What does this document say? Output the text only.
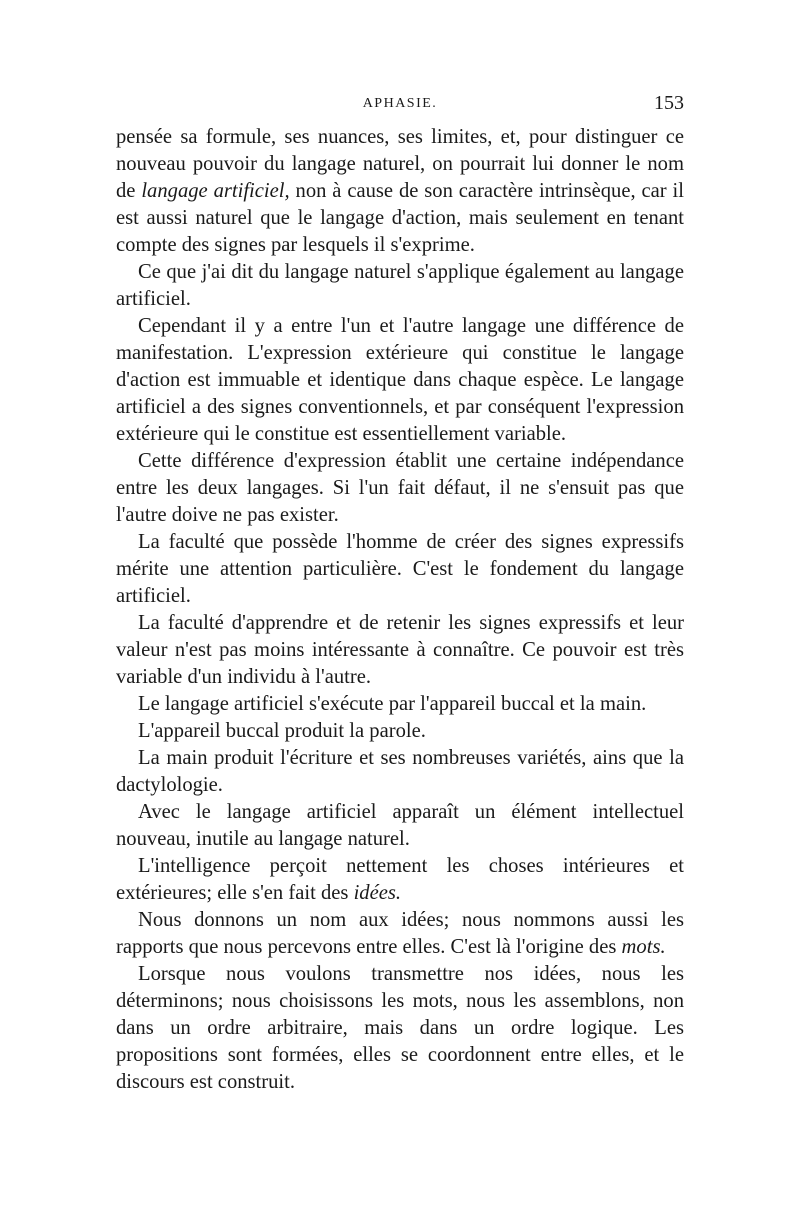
APHASIE.	153

pensée sa formule, ses nuances, ses limites, et, pour distinguer ce nouveau pouvoir du langage naturel, on pourrait lui donner le nom de langage artificiel, non à cause de son caractère intrinsèque, car il est aussi naturel que le langage d'action, mais seulement en tenant compte des signes par lesquels il s'exprime.

Ce que j'ai dit du langage naturel s'applique également au langage artificiel.

Cependant il y a entre l'un et l'autre langage une différence de manifestation. L'expression extérieure qui constitue le langage d'action est immuable et identique dans chaque espèce. Le langage artificiel a des signes conventionnels, et par conséquent l'expression extérieure qui le constitue est essentiellement variable.

Cette différence d'expression établit une certaine indépendance entre les deux langages. Si l'un fait défaut, il ne s'ensuit pas que l'autre doive ne pas exister.

La faculté que possède l'homme de créer des signes expressifs mérite une attention particulière. C'est le fondement du langage artificiel.

La faculté d'apprendre et de retenir les signes expressifs et leur valeur n'est pas moins intéressante à connaître. Ce pouvoir est très variable d'un individu à l'autre.

Le langage artificiel s'exécute par l'appareil buccal et la main.

L'appareil buccal produit la parole.

La main produit l'écriture et ses nombreuses variétés, ains que la dactylologie.

Avec le langage artificiel apparaît un élément intellectuel nouveau, inutile au langage naturel.

L'intelligence perçoit nettement les choses intérieures et extérieures; elle s'en fait des idées.

Nous donnons un nom aux idées; nous nommons aussi les rapports que nous percevons entre elles. C'est là l'origine des mots.

Lorsque nous voulons transmettre nos idées, nous les déterminons; nous choisissons les mots, nous les assemblons, non dans un ordre arbitraire, mais dans un ordre logique. Les propositions sont formées, elles se coordonnent entre elles, et le discours est construit.
